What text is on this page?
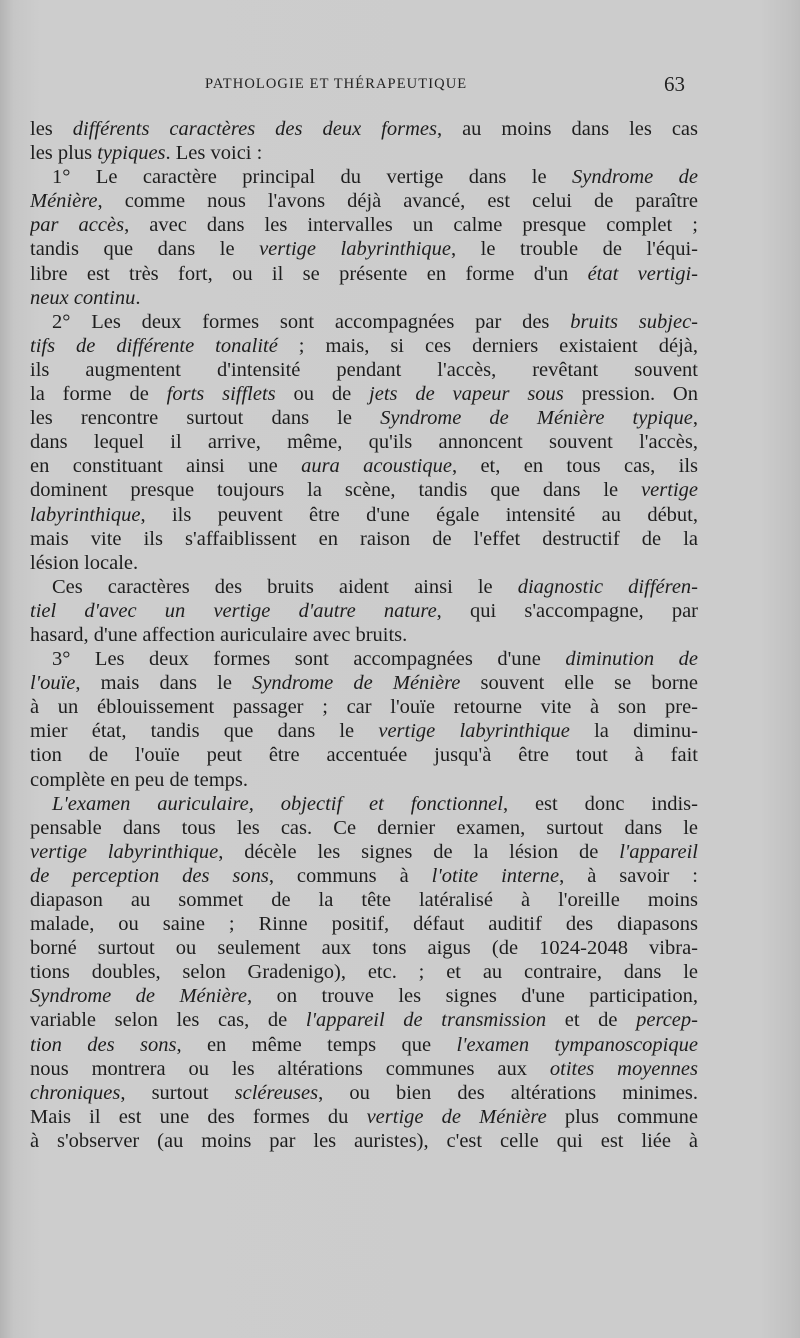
PATHOLOGIE ET THÉRAPEUTIQUE	63
les différents caractères des deux formes, au moins dans les cas
les plus typiques. Les voici :
1° Le caractère principal du vertige dans le Syndrome de
Ménière, comme nous l'avons déjà avancé, est celui de paraître
par accès, avec dans les intervalles un calme presque complet ;
tandis que dans le vertige labyrinthique, le trouble de l'équi-
libre est très fort, ou il se présente en forme d'un état vertigi-
neux continu.
2° Les deux formes sont accompagnées par des bruits subjec-
tifs de différente tonalité ; mais, si ces derniers existaient déjà,
ils augmentent d'intensité pendant l'accès, revêtant souvent
la forme de forts sifflets ou de jets de vapeur sous pression. On
les rencontre surtout dans le Syndrome de Ménière typique,
dans lequel il arrive, même, qu'ils annoncent souvent l'accès,
en constituant ainsi une aura acoustique, et, en tous cas, ils
dominent presque toujours la scène, tandis que dans le vertige
labyrinthique, ils peuvent être d'une égale intensité au début,
mais vite ils s'affaiblissent en raison de l'effet destructif de la
lésion locale.
Ces caractères des bruits aident ainsi le diagnostic différen-
tiel d'avec un vertige d'autre nature, qui s'accompagne, par
hasard, d'une affection auriculaire avec bruits.
3° Les deux formes sont accompagnées d'une diminution de
l'ouïe, mais dans le Syndrome de Ménière souvent elle se borne
à un éblouissement passager ; car l'ouïe retourne vite à son pre-
mier état, tandis que dans le vertige labyrinthique la diminu-
tion de l'ouïe peut être accentuée jusqu'à être tout à fait
complète en peu de temps.
L'examen auriculaire, objectif et fonctionnel, est donc indis-
pensable dans tous les cas. Ce dernier examen, surtout dans le
vertige labyrinthique, décèle les signes de la lésion de l'appareil
de perception des sons, communs à l'otite interne, à savoir :
diapason au sommet de la tête latéralisé à l'oreille moins
malade, ou saine ; Rinne positif, défaut auditif des diapasons
borné surtout ou seulement aux tons aigus (de 1024-2048 vibra-
tions doubles, selon Gradenigo), etc. ; et au contraire, dans le
Syndrome de Ménière, on trouve les signes d'une participation,
variable selon les cas, de l'appareil de transmission et de percep-
tion des sons, en même temps que l'examen tympanoscopique
nous montrera ou les altérations communes aux otites moyennes
chroniques, surtout scléreuses, ou bien des altérations minimes.
Mais il est une des formes du vertige de Ménière plus commune
à s'observer (au moins par les auristes), c'est celle qui est liée à
